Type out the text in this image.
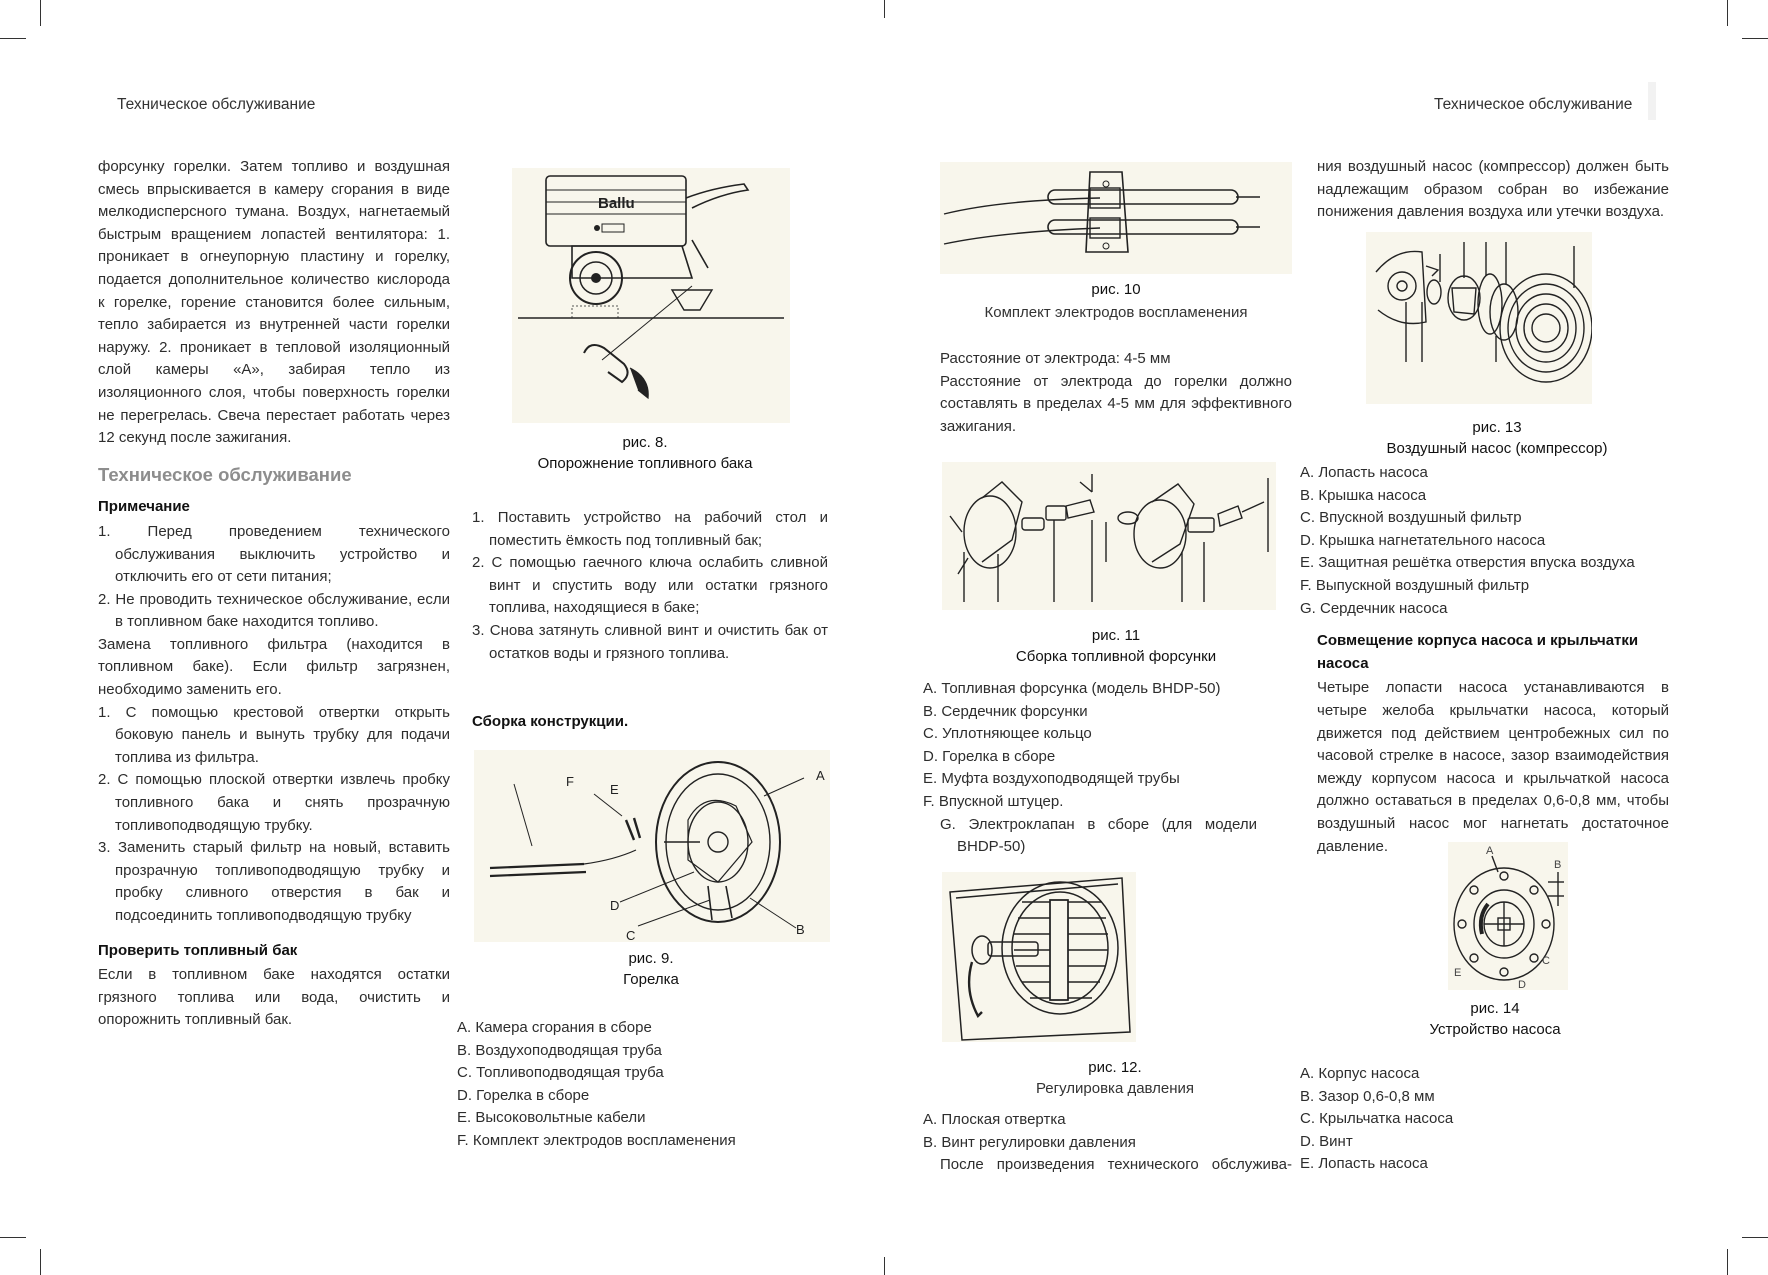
Техническое обслуживание	Техническое обслуживание

форсунку горелки. Затем топливо и воздушная смесь впрыскивается в камеру сгорания в виде мелкодисперсного тумана. Воздух, нагнетаемый быстрым вращением лопастей вентилятора: 1. проникает в огнеупорную пластину и горелку, подается дополнительное количество кислорода к горелке, горение становится более сильным, тепло забирается из внутренней части горелки наружу. 2. проникает в тепловой изоляционный слой камеры «А», забирая тепло из изоляционного слоя, чтобы поверхность горелки не перегрелась. Свеча перестает работать через 12 секунд после зажигания.

Техническое обслуживание
Примечание
1. Перед проведением технического обслуживания выключить устройство и отключить его от сети питания;
2. Не проводить техническое обслуживание, если в топливном баке находится топливо.

Замена топливного фильтра (находится в топливном баке). Если фильтр загрязнен, необходимо заменить его.

1. С помощью крестовой отвертки открыть боковую панель и вынуть трубку для подачи топлива из фильтра.
2. С помощью плоской отвертки извлечь пробку топливного бака и снять прозрачную топливоподводящую трубку.
3. Заменить старый фильтр на новый, вставить прозрачную топливоподводящую трубку и пробку сливного отверстия в бак и подсоединить топливоподводящую трубку
Проверить топливный бак

Если в топливном баке находятся остатки грязного топлива или вода, очистить и опорожнить топливный бак.

Ballu
рис. 8.
Опорожнение топливного бака
1. Поставить устройство на рабочий стол и поместить ёмкость под топливный бак;
2. С помощью гаечного ключа ослабить сливной винт и спустить воду или остатки грязного топлива, находящиеся в баке;
3. Снова затянуть сливной винт и очистить бак от остатков воды и грязного топлива.
Сборка конструкции.
A
B
C
D
E
F
рис. 9.
Горелка
A. Камера сгорания в сборе
B. Воздухоподводящая труба
C. Топливоподводящая труба
D. Горелка в сборе
E. Высоковольтные кабели
F. Комплект электродов воспламенения
рис. 10
Комплект электродов воспламенения

Расстояние от электрода: 4-5 мм

Расстояние от электрода до горелки должно составлять в пределах 4-5 мм для эффективного зажигания.

рис. 11
Сборка топливной форсунки
A. Топливная форсунка (модель BHDP-50)
B. Сердечник форсунки
C. Уплотняющее кольцо
D. Горелка в сборе
E. Муфта воздухоподводящей трубы
F. Впускной штуцер.
G. Электроклапан в сборе (для модели BHDP-50)
рис. 12.
Регулировка давления
A. Плоская отвертка
B. Винт регулировки давления

После произведения технического обслужива-

ния воздушный насос (компрессор) должен быть надлежащим образом собран во избежание понижения давления воздуха или утечки воздуха.

рис. 13
Воздушный насос (компрессор)
A. Лопасть насоса
B. Крышка насоса
C. Впускной воздушный фильтр
D. Крышка нагнетательного насоса
E. Защитная решётка отверстия впуска воздуха
F. Выпускной воздушный фильтр
G. Сердечник насоса
Совмещение корпуса насоса и крыльчатки насоса

Четыре лопасти насоса устанавливаются в четыре желоба крыльчатки насоса, который движется под действием центробежных сил по часовой стрелке в насосе, зазор взаимодействия между корпусом насоса и крыльчаткой насоса должно оставаться в пределах 0,6-0,8 мм, чтобы воздушный насос мог нагнетать достаточное давление.	A
B
C
D
E
рис. 14
Устройство насоса
A. Корпус насоса
B. Зазор 0,6-0,8 мм
C. Крыльчатка насоса
D. Винт
E. Лопасть насоса
